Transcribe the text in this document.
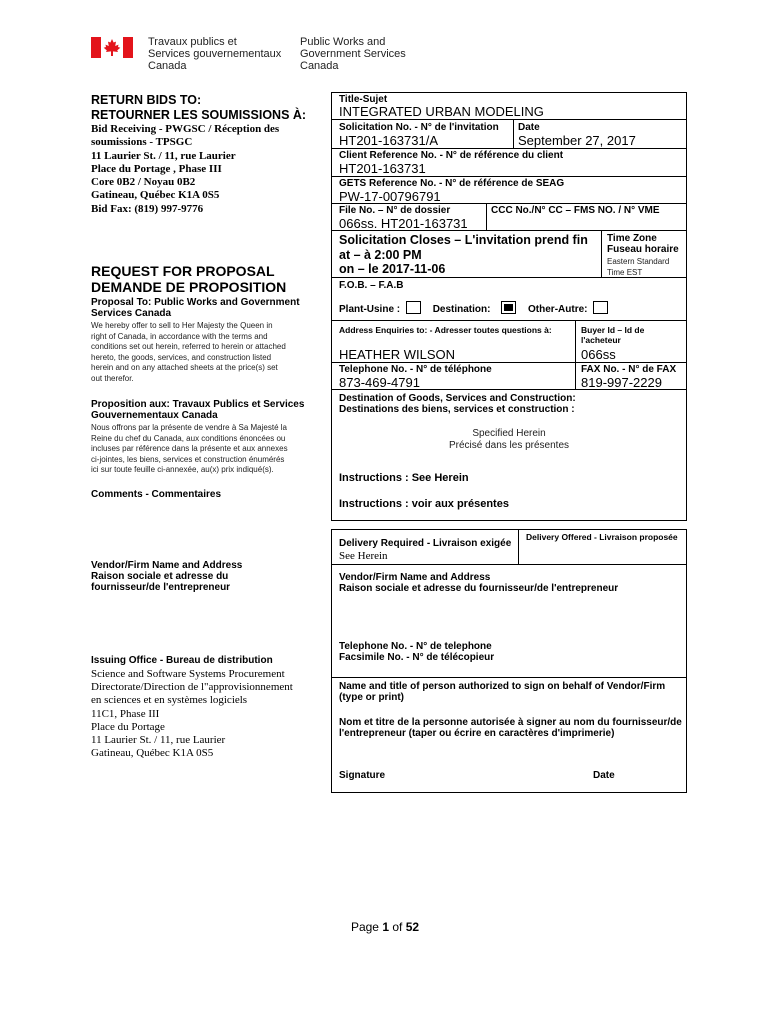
Travaux publics et
Services gouvernementaux
Canada
Public Works and
Government Services
Canada
RETURN BIDS TO:
RETOURNER LES SOUMISSIONS À:
Bid Receiving - PWGSC / Réception des
soumissions - TPSGC
11 Laurier St. / 11, rue Laurier
Place du Portage , Phase III
Core 0B2 / Noyau 0B2
Gatineau, Québec K1A 0S5
Bid Fax: (819) 997-9776
REQUEST FOR PROPOSAL
DEMANDE DE PROPOSITION
Proposal To: Public Works and Government Services Canada
We hereby offer to sell to Her Majesty the Queen in
right of Canada, in accordance with the terms and
conditions set out herein, referred to herein or attached
hereto, the goods, services, and construction listed
herein and on any attached sheets at the price(s) set
out therefor.
Proposition aux: Travaux Publics et Services Gouvernementaux Canada
Nous offrons par la présente de vendre à Sa Majesté la
Reine du chef du Canada, aux conditions énoncées ou
incluses par référence dans la présente et aux annexes
ci-jointes, les biens, services et construction énumérés
ici sur toute feuille ci-annexée, au(x) prix indiqué(s).
Comments - Commentaires
Vendor/Firm Name and Address
Raison sociale et adresse du
fournisseur/de l'entrepreneur
Issuing Office - Bureau de distribution
Science and Software Systems Procurement
Directorate/Direction de l"approvisionnement
en sciences et en systèmes logiciels
11C1, Phase III
Place du Portage
11 Laurier St. / 11, rue Laurier
Gatineau, Québec K1A 0S5
Title-Sujet
INTEGRATED URBAN MODELING
Solicitation No. - N° de l'invitation
HT201-163731/A
Date
September 27, 2017
Client Reference No. - N° de référence du client
HT201-163731
GETS Reference No. - N° de référence de SEAG
PW-17-00796791
File No. – N° de dossier
066ss. HT201-163731
CCC No./N° CC – FMS NO. / N° VME
Solicitation Closes – L'invitation prend fin
at – à 2:00 PM
on – le 2017-11-06
Time Zone
Fuseau horaire
Eastern Standard
Time EST
F.O.B. – F.A.B
Plant-Usine :	Destination:	Other-Autre:
Address Enquiries to: - Adresser toutes questions à:	Buyer Id – Id de
l'acheteur
HEATHER WILSON	066ss
Telephone No. - N° de téléphone
873-469-4791
FAX No. - N° de FAX
819-997-2229
Destination of Goods, Services and Construction:
Destinations des biens, services et construction :
Specified Herein
Précisé dans les présentes
Instructions : See Herein
Instructions : voir aux présentes
Delivery Required - Livraison exigée
See Herein
Delivery Offered - Livraison proposée
Vendor/Firm Name and Address
Raison sociale et adresse du fournisseur/de l'entrepreneur
Telephone No. - N° de telephone
Facsimile No. - N° de télécopieur
Name and title of person authorized to sign on behalf of Vendor/Firm
(type or print)
Nom et titre de la personne autorisée à signer au nom du fournisseur/de
l'entrepreneur (taper ou écrire en caractères d'imprimerie)
Signature	Date
Page 1 of 52
